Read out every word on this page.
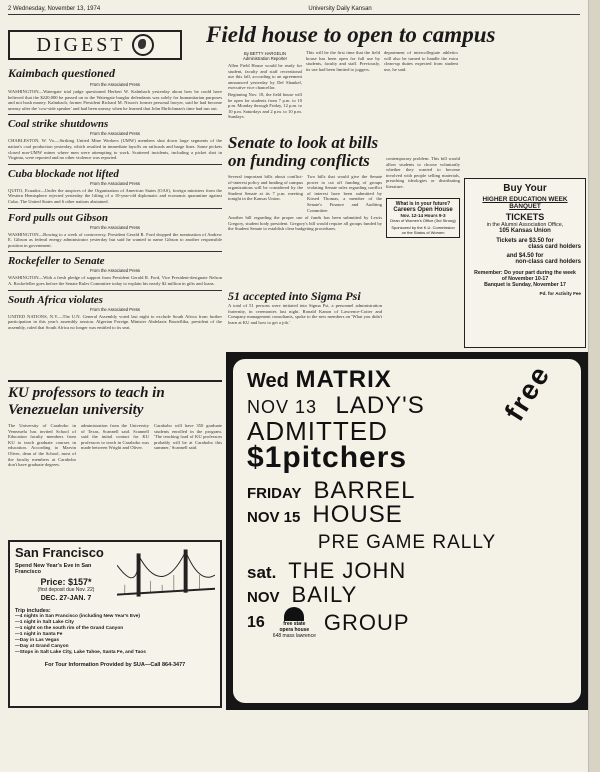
2 Wednesday, November 13, 1974	University Daily Kansan
DIGEST
Kaimbach questioned
From the Associated Press
WASHINGTON—Watergate trial judge questioned Herbert W. Kalmbach yesterday about how he could have believed that the $220,000 he passed on to the Watergate burglar defendants was solely for humanitarian purposes and not hush money. Kalmbach, former President Richard M. Nixon's former personal lawyer, said he had become uneasy after the 'cow-side speaker' and had been uneasy when he learned that John Ehrlichman's time had run out.
Coal strike shutdowns
From the Associated Press
CHARLESTON, W. Va.—Striking United Mine Workers (UMW) members shut down large segments of the nation's coal production yesterday, which resulted in immediate layoffs on railroads and barge lines. Some pickets closed non-UMW mines where men were attempting to work. Scattered incidents, including a picket shot in Virginia, were reported and no other violence was reported.
Cuba blockade not lifted
From the Associated Press
QUITO, Ecuador—Under the auspices of the Organization of American States (OAS), foreign ministers from the Western Hemisphere rejected yesterday the lifting of a 10-year-old diplomatic and economic quarantine against Cuba. The United States and 6 other nations abstained.
Ford pulls out Gibson
From the Associated Press
WASHINGTON—Bowing to a week of controversy, President Gerald R. Ford dropped the nomination of Andrew E. Gibson as federal energy administrator yesterday but said he wanted to name Gibson to another responsible position in government.
Rockefeller to Senate
From the Associated Press
WASHINGTON—With a fresh pledge of support from President Gerald R. Ford, Vice President-designate Nelson A. Rockefeller goes before the Senate Rules Committee today to explain his nearly $2 million in gifts and loans.
South Africa violates
From the Associated Press
UNITED NATIONS, N.Y.—The U.N. General Assembly voted last night to exclude South Africa from further participation in this year's assembly session. Algerian Foreign Minister Abdelaziz Bouteflika, president of the assembly, ruled that South Africa no longer was entitled to its seat.
KU professors to teach in Venezuelan university
The University of Carabobo in Venezuela has invited School of Education faculty members from KU to teach graduate courses in education. According to Marvin Oliver, dean of the School, most of the faculty members at Carabobo don't have graduate degrees.
administration from the University of Texas, Scannell said. Scannell said the initial contact for KU professors to teach in Carabobo was made between Wright and Oliver.
Carabobo will have 350 graduate students enrolled in the program. 'The teaching load of KU professors probably will be at Carabobo this summer,' Scannell said.
San Francisco
Spend New Year's Eve in San Francisco
Price: $157*
(first deposit due Nov. 22)
DEC. 27-JAN. 7
Trip includes:
—4 nights in San Francisco (including New Year's Eve)
—1 night in Salt Lake City
—1 night on the south rim of the Grand Canyon
—1 night in Santa Fe
—Day in Las Vegas
—Day at Grand Canyon
—Stops in Salt Lake City, Lake Tahoe, Santa Fe, and Taos
For Tour Information Provided by SUA—Call 864-3477
Field house to open to campus
By BETTY HARGELIN
Administration Reporter
Allen Field House would be ready for student, faculty and staff recreational use this fall, according to an agreement announced yesterday by Del Shankel, executive vice chancellor.
Beginning Nov. 18, the field house will be open for students from 7 p.m. to 10 p.m. Monday through Friday, 12 p.m. to 10 p.m. Saturdays and 2 p.m. to 10 p.m. Sundays.
This will be the first time that the field house has been open for full use by students, faculty and staff. Previously, its use had been limited to joggers.
department of intercollegiate athletics will also be turned to handle the extra clean-up duties expected from student use, he said.
Senate to look at bills on funding conflicts
Several important bills about conflict-of-interest policy and funding of campus organizations will be considered by the Student Senate at its 7 p.m. meeting tonight in the Kansas Union.
Two bills that would give the Senate power to cut off funding of groups violating Senate rules regarding conflict of interest have been submitted by Kirsed Thomas, a member of the Senate's Finance and Auditing Committee.
Another bill regarding the proper use of funds has been submitted by Lewis Gregory, student body president. Gregory's bill would require all groups funded by the Student Senate to establish clear budgeting procedures.
contemporary problem. This bill would allow students to choose voluntarily whether they wanted to become involved with people selling materials, preaching ideologies or distributing literature.
What is in your future?
Careers Open House
Nov. 12-14 Hours 9-3
Dean of Women's Office (3rd Strong)
Sponsored by the K.U. Commission on the Status of Women
Buy Your
HIGHER EDUCATION WEEK BANQUET
TICKETS
in the Alumni Association Office,
105 Kansas Union
Tickets are $3.50 for
class card holders
and $4.50 for
non-class card holders
Remember: Do your part during the week
of November 10-17
Banquet is Sunday, November 17
Pd. for Activity Fee
free
Wed MATRIX
NOV 13 LADY'S
ADMITTED
$1pitchers
FRIDAY BARREL
NOV 15 HOUSE
PRE GAME RALLY
sat. THE JOHN
NOV BAILY
16	free state
opera house
648 mass lawrence
GROUP
51 accepted into Sigma Psi
A total of 51 persons were initiated into Sigma Psi, a personnel administration fraternity, in ceremonies last night. Ronald Kanon of Lawrence-Cotter and Company management consultants, spoke to the new members on 'What you didn't learn at KU and how to get a job.'
